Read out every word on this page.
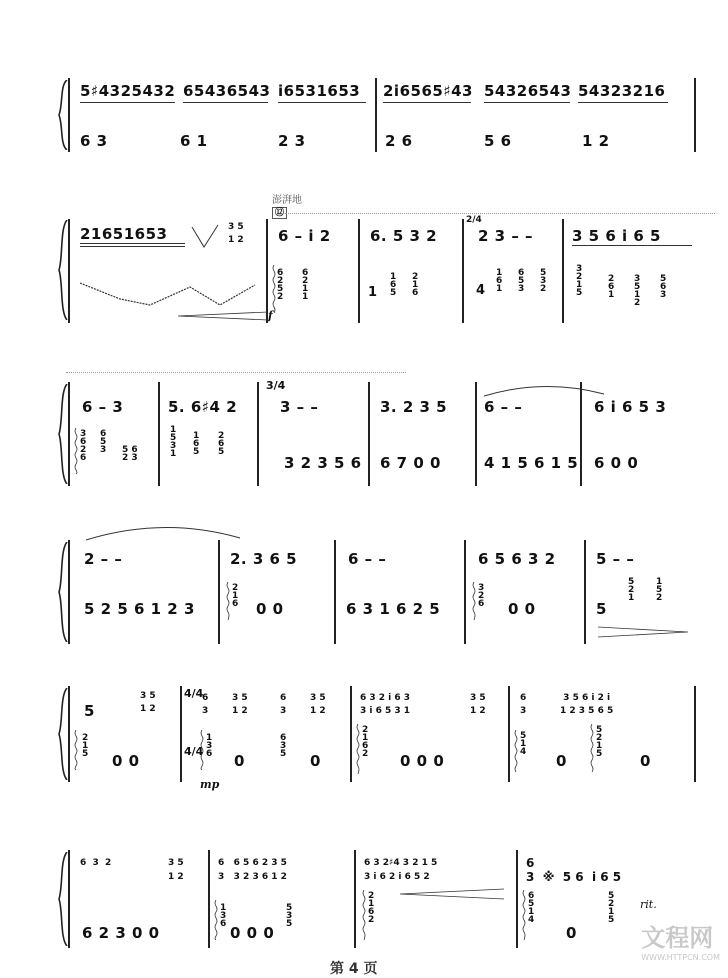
5♯4325432 65436543 i6531653 2i6565♯43 54326543 54323216
6 3	6 1	2 3	2 6	5 6	1 2
澎湃地
⑫
21651653	3 5
1 2
f
6 – i 2	6. 5 3 2
2/4
2 3 – –	3 5 6 i 6 5
6
2
5
2
6
2
1
1	1
1
6
5
2
1
6	4
1
6
1
6
5
3
5
3
2
3
2
1
5
2
6
1
3
5
1
2
5
6
3
3/4
6 – 3	5. 6♯4 2	3 – –	3. 2 3 5 6 – –	6 i 6 5 3
3
6
2
6
6
5
3 5 6
2 3
1
5
3
1
1
6
5
2
6
5
3 2 3 5 6 6 7 0 0	4 1 5 6 1 5 6 0 0
2 – –	2. 3 6 5	6 – –	6 5 6 3 2	5 – –
5 2 5 6 1 2 3
2
1
6 0 0	6 3 1 6 2 5
3
2
6 0 0	5
5
2
1
1
5
2
5
3 5
1 2
4/4
6
3
3 5
1 2
6
3
3 5
1 2
6 3 2 i 6 3
3 i 6 5 3 1
3 5
1 2
6
3
3 5 6 i 2 i
1 2 3 5 6 5
2
1
5 0 0
4/4
1
3
6 0
6
3
5 0
2
1
6
2 0 0 0
5
1
4 0
5
2
1
5	0
mp
6  3  2	3 5
1 2
6   6 5 6 2 3 5
3   3 2 3 6 1 2
6 3 2♯4 3 2 1 5
3 i 6 2 i 6 5 2
6
3  ※  5 6  i 6 5
6 2 3 0 0
1
3
6
5
3
5
0 0 0
2
1
6
2
6
5
1
4
0
5
2
1
5
rit.
文程网
WWW.HTTPCN.COM
第 4 页
